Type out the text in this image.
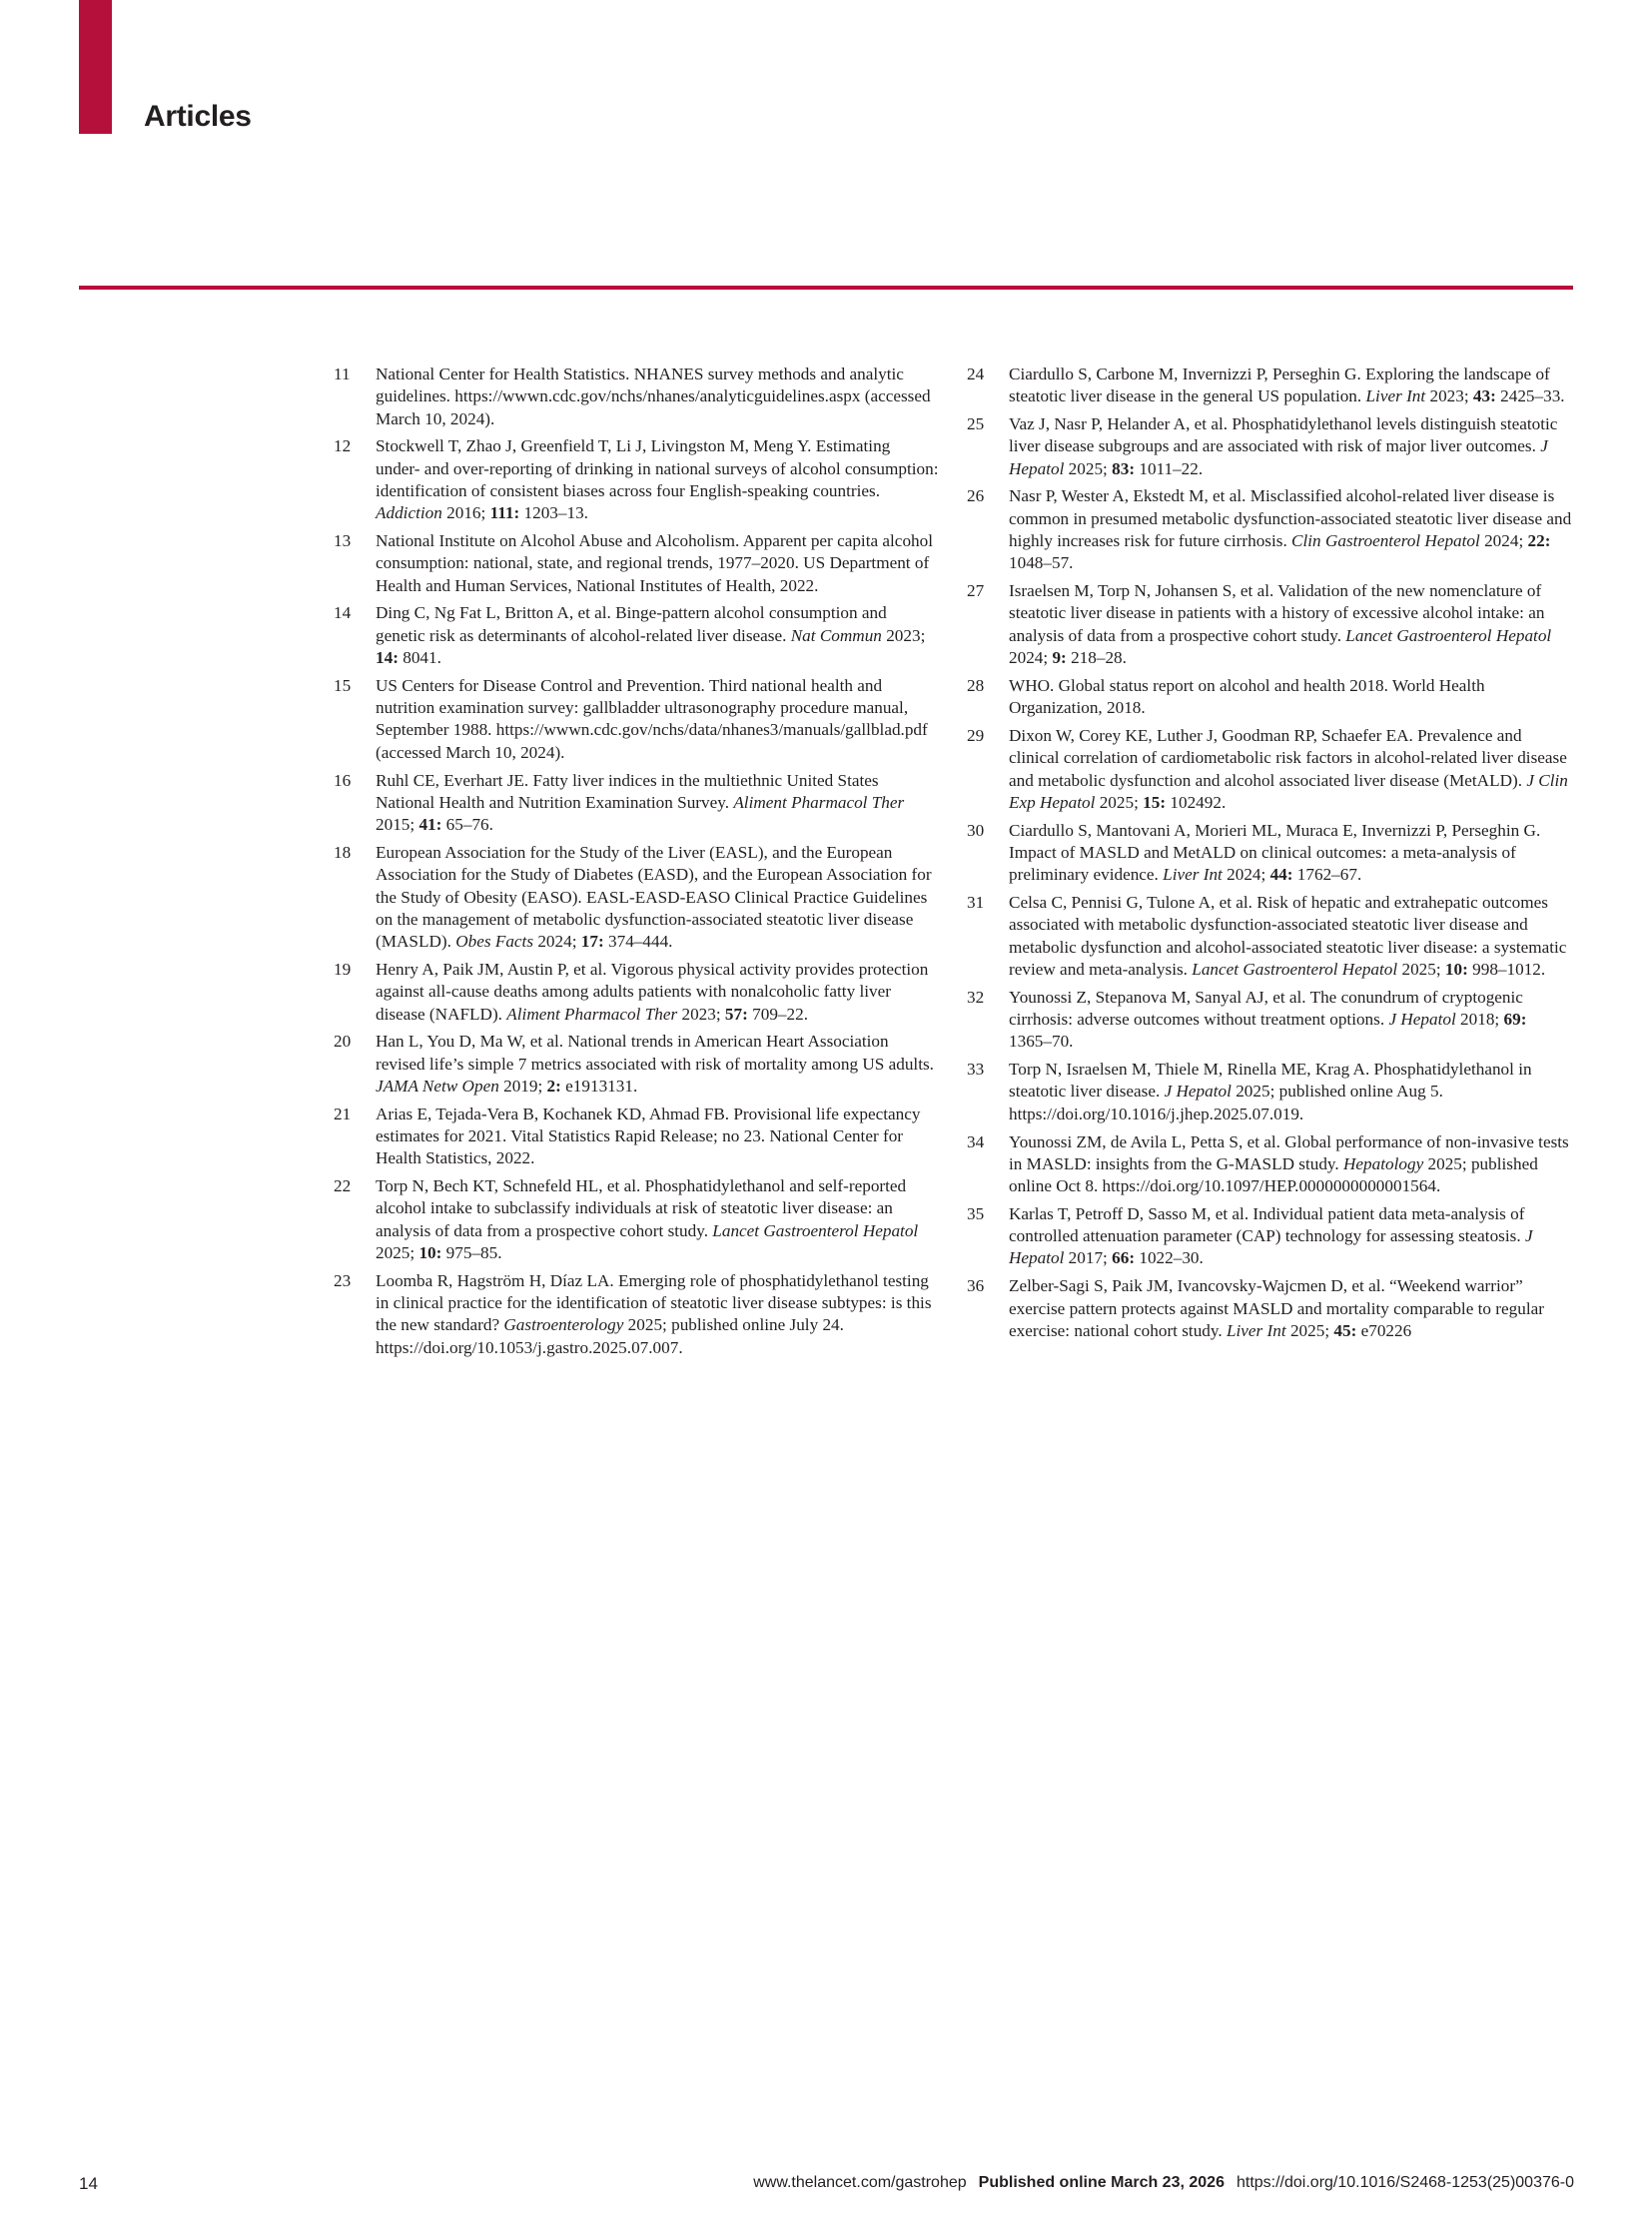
Articles
11 National Center for Health Statistics. NHANES survey methods and analytic guidelines. https://wwwn.cdc.gov/nchs/nhanes/analyticguidelines.aspx (accessed March 10, 2024).
12 Stockwell T, Zhao J, Greenfield T, Li J, Livingston M, Meng Y. Estimating under- and over-reporting of drinking in national surveys of alcohol consumption: identification of consistent biases across four English-speaking countries. Addiction 2016; 111: 1203–13.
13 National Institute on Alcohol Abuse and Alcoholism. Apparent per capita alcohol consumption: national, state, and regional trends, 1977–2020. US Department of Health and Human Services, National Institutes of Health, 2022.
14 Ding C, Ng Fat L, Britton A, et al. Binge-pattern alcohol consumption and genetic risk as determinants of alcohol-related liver disease. Nat Commun 2023; 14: 8041.
15 US Centers for Disease Control and Prevention. Third national health and nutrition examination survey: gallbladder ultrasonography procedure manual, September 1988. https://wwwn.cdc.gov/nchs/data/nhanes3/manuals/gallblad.pdf (accessed March 10, 2024).
16 Ruhl CE, Everhart JE. Fatty liver indices in the multiethnic United States National Health and Nutrition Examination Survey. Aliment Pharmacol Ther 2015; 41: 65–76.
18 European Association for the Study of the Liver (EASL), and the European Association for the Study of Diabetes (EASD), and the European Association for the Study of Obesity (EASO). EASL-EASD-EASO Clinical Practice Guidelines on the management of metabolic dysfunction-associated steatotic liver disease (MASLD). Obes Facts 2024; 17: 374–444.
19 Henry A, Paik JM, Austin P, et al. Vigorous physical activity provides protection against all-cause deaths among adults patients with nonalcoholic fatty liver disease (NAFLD). Aliment Pharmacol Ther 2023; 57: 709–22.
20 Han L, You D, Ma W, et al. National trends in American Heart Association revised life’s simple 7 metrics associated with risk of mortality among US adults. JAMA Netw Open 2019; 2: e1913131.
21 Arias E, Tejada-Vera B, Kochanek KD, Ahmad FB. Provisional life expectancy estimates for 2021. Vital Statistics Rapid Release; no 23. National Center for Health Statistics, 2022.
22 Torp N, Bech KT, Schnefeld HL, et al. Phosphatidylethanol and self-reported alcohol intake to subclassify individuals at risk of steatotic liver disease: an analysis of data from a prospective cohort study. Lancet Gastroenterol Hepatol 2025; 10: 975–85.
23 Loomba R, Hagström H, Díaz LA. Emerging role of phosphatidylethanol testing in clinical practice for the identification of steatotic liver disease subtypes: is this the new standard? Gastroenterology 2025; published online July 24. https://doi.org/10.1053/j.gastro.2025.07.007.
24 Ciardullo S, Carbone M, Invernizzi P, Perseghin G. Exploring the landscape of steatotic liver disease in the general US population. Liver Int 2023; 43: 2425–33.
25 Vaz J, Nasr P, Helander A, et al. Phosphatidylethanol levels distinguish steatotic liver disease subgroups and are associated with risk of major liver outcomes. J Hepatol 2025; 83: 1011–22.
26 Nasr P, Wester A, Ekstedt M, et al. Misclassified alcohol-related liver disease is common in presumed metabolic dysfunction-associated steatotic liver disease and highly increases risk for future cirrhosis. Clin Gastroenterol Hepatol 2024; 22: 1048–57.
27 Israelsen M, Torp N, Johansen S, et al. Validation of the new nomenclature of steatotic liver disease in patients with a history of excessive alcohol intake: an analysis of data from a prospective cohort study. Lancet Gastroenterol Hepatol 2024; 9: 218–28.
28 WHO. Global status report on alcohol and health 2018. World Health Organization, 2018.
29 Dixon W, Corey KE, Luther J, Goodman RP, Schaefer EA. Prevalence and clinical correlation of cardiometabolic risk factors in alcohol-related liver disease and metabolic dysfunction and alcohol associated liver disease (MetALD). J Clin Exp Hepatol 2025; 15: 102492.
30 Ciardullo S, Mantovani A, Morieri ML, Muraca E, Invernizzi P, Perseghin G. Impact of MASLD and MetALD on clinical outcomes: a meta-analysis of preliminary evidence. Liver Int 2024; 44: 1762–67.
31 Celsa C, Pennisi G, Tulone A, et al. Risk of hepatic and extrahepatic outcomes associated with metabolic dysfunction-associated steatotic liver disease and metabolic dysfunction and alcohol-associated steatotic liver disease: a systematic review and meta-analysis. Lancet Gastroenterol Hepatol 2025; 10: 998–1012.
32 Younossi Z, Stepanova M, Sanyal AJ, et al. The conundrum of cryptogenic cirrhosis: adverse outcomes without treatment options. J Hepatol 2018; 69: 1365–70.
33 Torp N, Israelsen M, Thiele M, Rinella ME, Krag A. Phosphatidylethanol in steatotic liver disease. J Hepatol 2025; published online Aug 5. https://doi.org/10.1016/j.jhep.2025.07.019.
34 Younossi ZM, de Avila L, Petta S, et al. Global performance of non-invasive tests in MASLD: insights from the G-MASLD study. Hepatology 2025; published online Oct 8. https://doi.org/10.1097/HEP.0000000000001564.
35 Karlas T, Petroff D, Sasso M, et al. Individual patient data meta-analysis of controlled attenuation parameter (CAP) technology for assessing steatosis. J Hepatol 2017; 66: 1022–30.
36 Zelber-Sagi S, Paik JM, Ivancovsky-Wajcmen D, et al. “Weekend warrior” exercise pattern protects against MASLD and mortality comparable to regular exercise: national cohort study. Liver Int 2025; 45: e70226
14	www.thelancet.com/gastrohep Published online March 23, 2026 https://doi.org/10.1016/S2468-1253(25)00376-0
